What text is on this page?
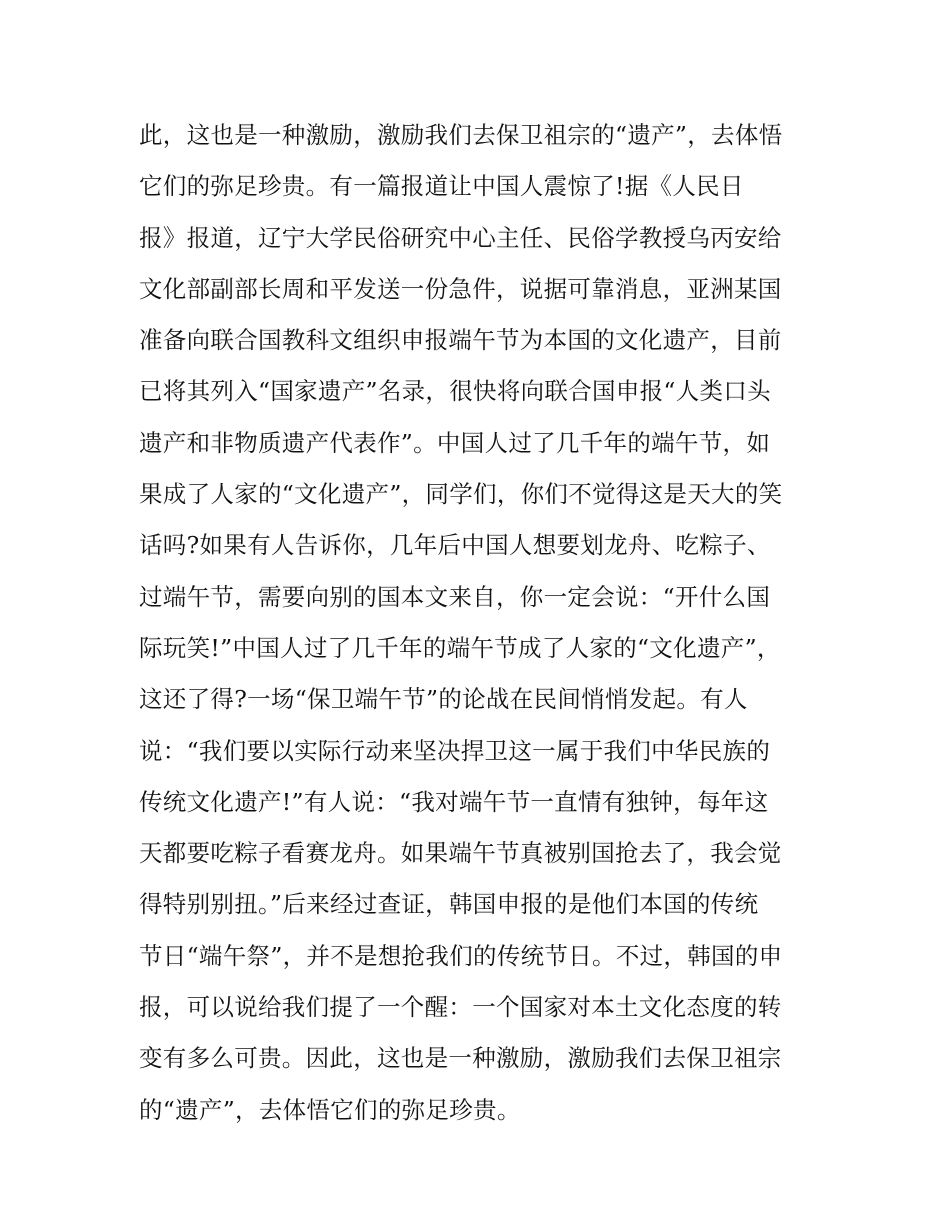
此，这也是一种激励，激励我们去保卫祖宗的“遗产”，去体悟
它们的弥足珍贵。有一篇报道让中国人震惊了!据《人民日
报》报道，辽宁大学民俗研究中心主任、民俗学教授乌丙安给
文化部副部长周和平发送一份急件，说据可靠消息，亚洲某国
准备向联合国教科文组织申报端午节为本国的文化遗产，目前
已将其列入“国家遗产”名录，很快将向联合国申报“人类口头
遗产和非物质遗产代表作”。中国人过了几千年的端午节，如
果成了人家的“文化遗产”，同学们，你们不觉得这是天大的笑
话吗?如果有人告诉你，几年后中国人想要划龙舟、吃粽子、
过端午节，需要向别的国本文来自，你一定会说：“开什么国
际玩笑!”中国人过了几千年的端午节成了人家的“文化遗产”，
这还了得?一场“保卫端午节”的论战在民间悄悄发起。有人
说：“我们要以实际行动来坚决捍卫这一属于我们中华民族的
传统文化遗产!”有人说：“我对端午节一直情有独钟，每年这
天都要吃粽子看赛龙舟。如果端午节真被别国抢去了，我会觉
得特别别扭。”后来经过查证，韩国申报的是他们本国的传统
节日“端午祭”，并不是想抢我们的传统节日。不过，韩国的申
报，可以说给我们提了一个醒：一个国家对本土文化态度的转
变有多么可贵。因此，这也是一种激励，激励我们去保卫祖宗
的“遗产”，去体悟它们的弥足珍贵。
